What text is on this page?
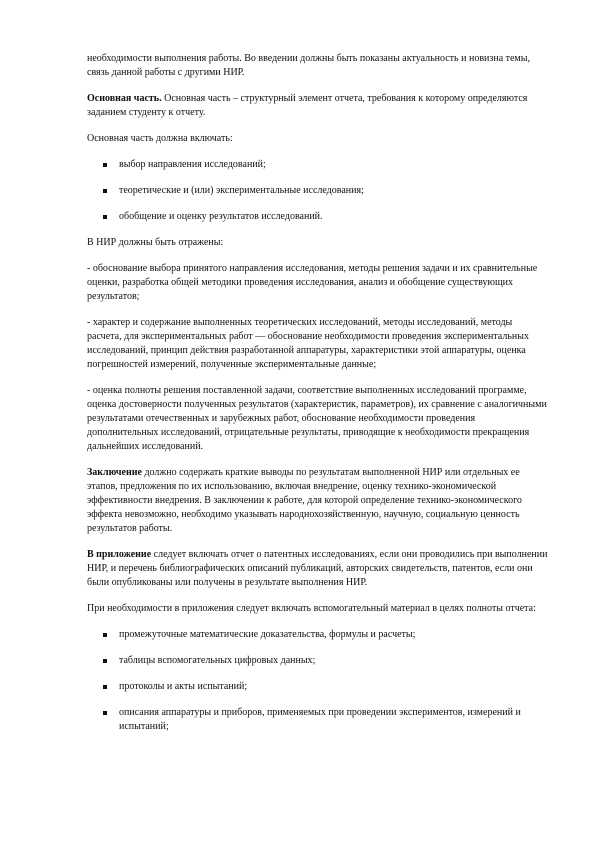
необходимости выполнения работы. Во введении должны быть показаны актуальность и новизна темы, связь данной работы с другими НИР.

Основная часть. Основная часть – структурный элемент отчета, требования к которому определяются заданием студенту к отчету.

Основная часть должна включать:

выбор направления исследований;
теоретические и (или) экспериментальные исследования;
обобщение и оценку результатов исследований.

В НИР должны быть отражены:

- обоснование выбора принятого направления исследования, методы решения задачи и их сравнительные оценки, разработка общей методики проведения исследования, анализ и обобщение существующих результатов;

- характер и содержание выполненных теоретических исследований, методы исследований, методы расчета, для экспериментальных работ — обоснование необходимости проведения экспериментальных исследований, принцип действия разработанной аппаратуры, характеристики этой аппаратуры, оценка погрешностей измерений, полученные экспериментальные данные;

- оценка полноты решения поставленной задачи, соответствие выполненных исследований программе, оценка достоверности полученных результатов (характеристик, параметров), их сравнение с аналогичными результатами отечественных и зарубежных работ, обоснование необходимости проведения дополнительных исследований, отрицательные результаты, приводящие к необходимости прекращения дальнейших исследований.

Заключение должно содержать краткие выводы по результатам выполненной НИР или отдельных ее этапов, предложения по их использованию, включая внедрение, оценку технико-экономической эффективности внедрения. В заключении к работе, для которой определение технико-экономического эффекта невозможно, необходимо указывать народнохозяйственную, научную, социальную ценность результатов работы.

В приложение следует включать отчет о патентных исследованиях, если они проводились при выполнении НИР, и перечень библиографических описаний публикаций, авторских свидетельств, патентов, если они были опубликованы или получены в результате выполнения НИР.

При необходимости в приложения следует включать вспомогательный материал в целях полноты отчета:

промежуточные математические доказательства, формулы и расчеты;
таблицы вспомогательных цифровых данных;
протоколы и акты испытаний;
описания аппаратуры и приборов, применяемых при проведении экспериментов, измерений и испытаний;
